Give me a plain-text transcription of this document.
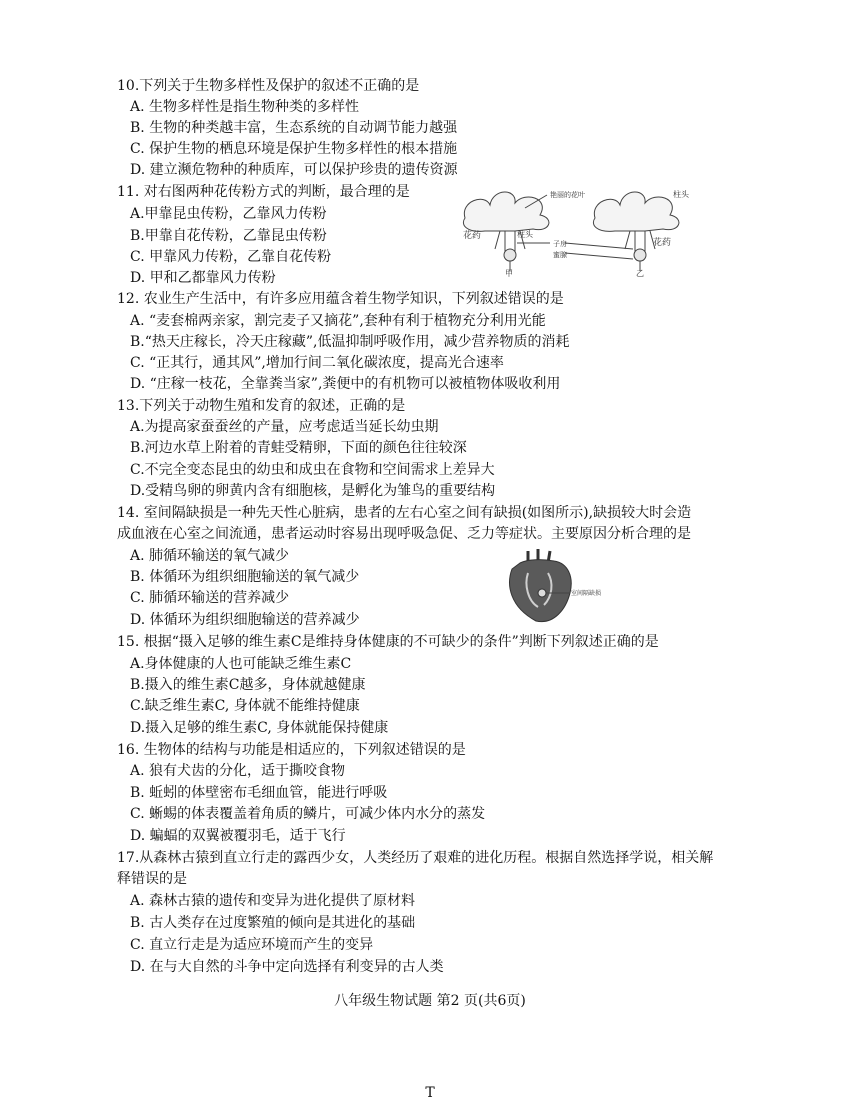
10.下列关于生物多样性及保护的叙述不正确的是
A. 生物多样性是指生物种类的多样性
B. 生物的种类越丰富，生态系统的自动调节能力越强
C. 保护生物的栖息环境是保护生物多样性的根本措施
D. 建立濒危物种的种质库，可以保护珍贵的遗传资源
11. 对右图两种花传粉方式的判断，最合理的是
A.甲靠昆虫传粉，乙靠风力传粉
B.甲靠自花传粉，乙靠昆虫传粉
C. 甲靠风力传粉，乙靠自花传粉
D. 甲和乙都靠风力传粉
艳丽的花叶	柱头
花药	柱头
子房
蜜腺
花药
甲	乙
12. 农业生产生活中，有许多应用蕴含着生物学知识，下列叙述错误的是
A. “麦套棉两亲家，割完麦子又摘花”,套种有利于植物充分利用光能
B.“热天庄稼长，冷天庄稼藏”,低温抑制呼吸作用，减少营养物质的消耗
C. “正其行，通其风”,增加行间二氧化碳浓度，提高光合速率
D. “庄稼一枝花，全靠粪当家”,粪便中的有机物可以被植物体吸收利用
13.下列关于动物生殖和发育的叙述，正确的是
A.为提高家蚕蚕丝的产量，应考虑适当延长幼虫期
B.河边水草上附着的青蛙受精卵，下面的颜色往往较深
C.不完全变态昆虫的幼虫和成虫在食物和空间需求上差异大
D.受精鸟卵的卵黄内含有细胞核，是孵化为雏鸟的重要结构
14. 室间隔缺损是一种先天性心脏病，患者的左右心室之间有缺损(如图所示),缺损较大时会造
成血液在心室之间流通，患者运动时容易出现呼吸急促、乏力等症状。主要原因分析合理的是
A. 肺循环输送的氧气减少
B. 体循环为组织细胞输送的氧气减少
C. 肺循环输送的营养减少
D. 体循环为组织细胞输送的营养减少
室间隔缺损
15. 根据“摄入足够的维生素C是维持身体健康的不可缺少的条件”判断下列叙述正确的是
A.身体健康的人也可能缺乏维生素C
B.摄入的维生素C越多，身体就越健康
C.缺乏维生素C, 身体就不能维持健康
D.摄入足够的维生素C, 身体就能保持健康
16. 生物体的结构与功能是相适应的，下列叙述错误的是
A. 狼有犬齿的分化，适于撕咬食物
B. 蚯蚓的体壁密布毛细血管，能进行呼吸
C. 蜥蜴的体表覆盖着角质的鳞片，可减少体内水分的蒸发
D. 蝙蝠的双翼被覆羽毛，适于飞行
17.从森林古猿到直立行走的露西少女，人类经历了艰难的进化历程。根据自然选择学说，相关解
释错误的是
A. 森林古猿的遗传和变异为进化提供了原材料
B. 古人类存在过度繁殖的倾向是其进化的基础
C. 直立行走是为适应环境而产生的变异
D. 在与大自然的斗争中定向选择有利变异的古人类
八年级生物试题 第2 页(共6页)
T
